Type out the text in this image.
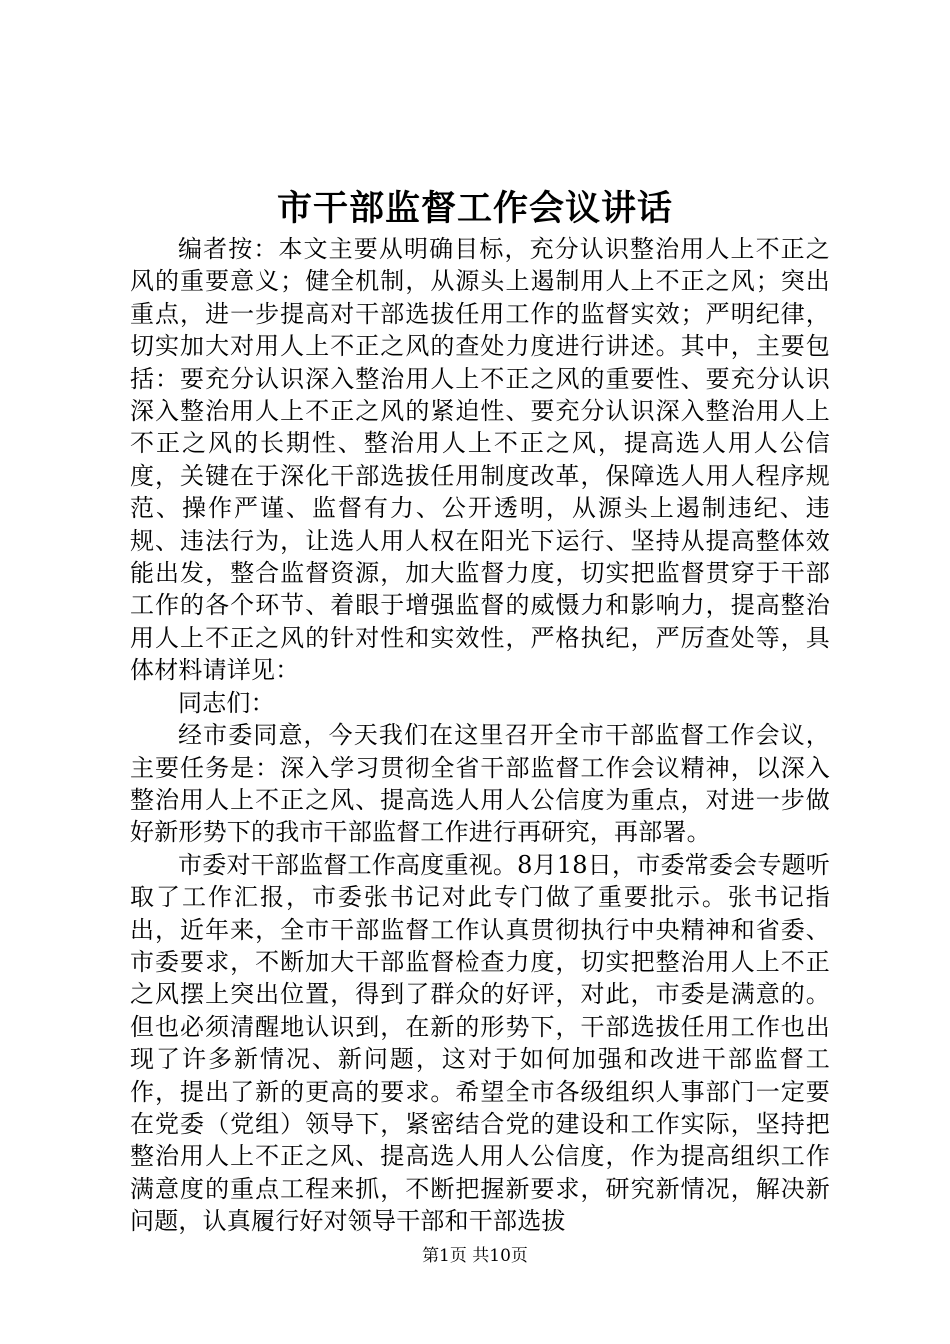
市干部监督工作会议讲话

编者按：本文主要从明确目标，充分认识整治用人上不正之风的重要意义；健全机制，从源头上遏制用人上不正之风；突出重点，进一步提高对干部选拔任用工作的监督实效；严明纪律，切实加大对用人上不正之风的查处力度进行讲述。其中，主要包括：要充分认识深入整治用人上不正之风的重要性、要充分认识深入整治用人上不正之风的紧迫性、要充分认识深入整治用人上不正之风的长期性、整治用人上不正之风，提高选人用人公信度，关键在于深化干部选拔任用制度改革，保障选人用人程序规范、操作严谨、监督有力、公开透明，从源头上遏制违纪、违规、违法行为，让选人用人权在阳光下运行、坚持从提高整体效能出发，整合监督资源，加大监督力度，切实把监督贯穿于干部工作的各个环节、着眼于增强监督的威慑力和影响力，提高整治用人上不正之风的针对性和实效性，严格执纪，严厉查处等，具体材料请详见：

同志们：

经市委同意，今天我们在这里召开全市干部监督工作会议，主要任务是：深入学习贯彻全省干部监督工作会议精神，以深入整治用人上不正之风、提高选人用人公信度为重点，对进一步做好新形势下的我市干部监督工作进行再研究，再部署。

市委对干部监督工作高度重视。8月18日，市委常委会专题听取了工作汇报，市委张书记对此专门做了重要批示。张书记指出，近年来，全市干部监督工作认真贯彻执行中央精神和省委、市委要求，不断加大干部监督检查力度，切实把整治用人上不正之风摆上突出位置，得到了群众的好评，对此，市委是满意的。但也必须清醒地认识到，在新的形势下，干部选拔任用工作也出现了许多新情况、新问题，这对于如何加强和改进干部监督工作，提出了新的更高的要求。希望全市各级组织人事部门一定要在党委（党组）领导下，紧密结合党的建设和工作实际，坚持把整治用人上不正之风、提高选人用人公信度，作为提高组织工作满意度的重点工程来抓，不断把握新要求，研究新情况，解决新问题，认真履行好对领导干部和干部选拔

第1页 共10页
